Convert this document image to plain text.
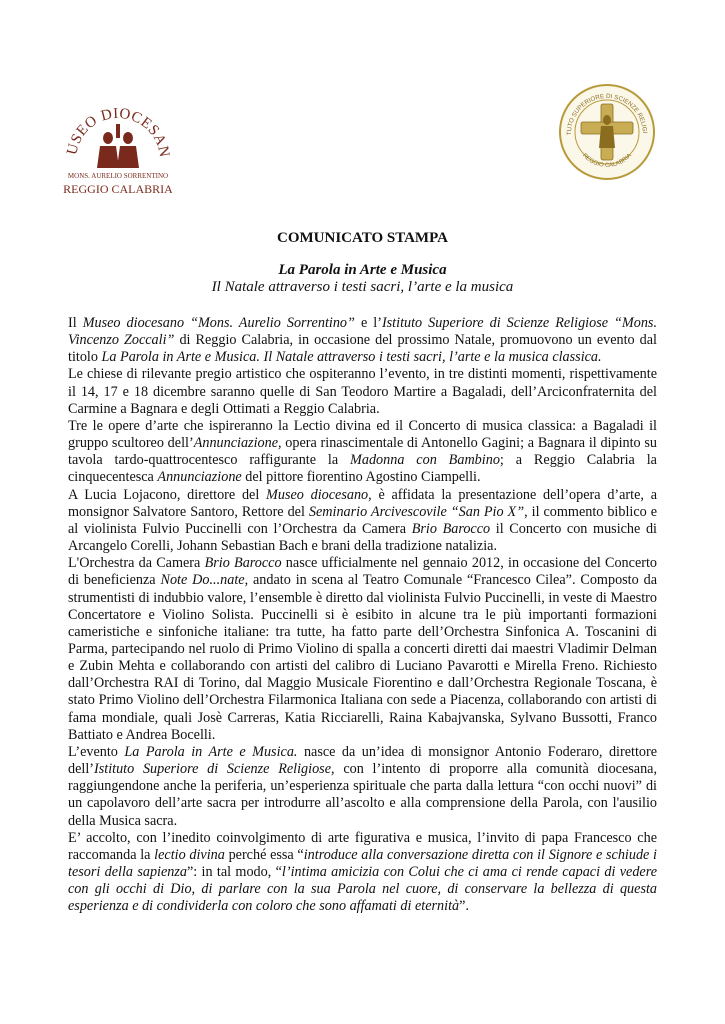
USEO DIOCESAN
MONS. AURELIO SORRENTINO
REGGIO CALABRIA
TUTO SUPERIORE DI SCIENZE RELIGI
REGGIO CALABRIA
COMUNICATO STAMPA
La Parola in Arte e Musica
Il Natale attraverso i testi sacri, l’arte e la musica

Il Museo diocesano “Mons. Aurelio Sorrentino” e l’Istituto Superiore di Scienze Religiose “Mons. Vincenzo Zoccali” di Reggio Calabria, in occasione del prossimo Natale, promuovono un evento dal titolo La Parola in Arte e Musica. Il Natale attraverso i testi sacri, l’arte e la musica classica.

Le chiese di rilevante pregio artistico che ospiteranno l’evento, in tre distinti momenti, rispettivamente il 14, 17 e 18 dicembre saranno quelle di San Teodoro Martire a Bagaladi, dell’Arciconfraternita del Carmine a Bagnara e degli Ottimati a Reggio Calabria.

Tre le opere d’arte che ispireranno la Lectio divina ed il Concerto di musica classica: a Bagaladi il gruppo scultoreo dell’Annunciazione, opera rinascimentale di Antonello Gagini; a Bagnara il dipinto su tavola tardo-quattrocentesco raffigurante la Madonna con Bambino; a Reggio Calabria la cinquecentesca Annunciazione del pittore fiorentino Agostino Ciampelli.

A Lucia Lojacono, direttore del Museo diocesano, è affidata la presentazione dell’opera d’arte, a monsignor Salvatore Santoro, Rettore del Seminario Arcivescovile “San Pio X”, il commento biblico e al violinista Fulvio Puccinelli con l’Orchestra da Camera Brio Barocco il Concerto con musiche di Arcangelo Corelli, Johann Sebastian Bach e brani della tradizione natalizia.

L'Orchestra da Camera Brio Barocco nasce ufficialmente nel gennaio 2012, in occasione del Concerto di beneficienza Note Do...nate, andato in scena al Teatro Comunale “Francesco Cilea”. Composto da strumentisti di indubbio valore, l’ensemble è diretto dal violinista Fulvio Puccinelli, in veste di Maestro Concertatore e Violino Solista. Puccinelli si è esibito in alcune tra le più importanti formazioni cameristiche e sinfoniche italiane: tra tutte, ha fatto parte dell’Orchestra Sinfonica A. Toscanini di Parma, partecipando nel ruolo di Primo Violino di spalla a concerti diretti dai maestri Vladimir Delman e Zubin Mehta e collaborando con artisti del calibro di Luciano Pavarotti e Mirella Freno. Richiesto dall’Orchestra RAI di Torino, dal Maggio Musicale Fiorentino e dall’Orchestra Regionale Toscana, è stato Primo Violino dell’Orchestra Filarmonica Italiana con sede a Piacenza, collaborando con artisti di fama mondiale, quali Josè Carreras, Katia Ricciarelli, Raina Kabajvanska, Sylvano Bussotti, Franco Battiato e Andrea Bocelli.

L’evento La Parola in Arte e Musica. nasce da un’idea di monsignor Antonio Foderaro, direttore dell’Istituto Superiore di Scienze Religiose, con l’intento di proporre alla comunità diocesana, raggiungendone anche la periferia, un’esperienza spirituale che parta dalla lettura “con occhi nuovi” di un capolavoro dell’arte sacra per introdurre all’ascolto e alla comprensione della Parola, con l'ausilio della Musica sacra.

E’ accolto, con l’inedito coinvolgimento di arte figurativa e musica, l’invito di papa Francesco che raccomanda la lectio divina perché essa “introduce alla conversazione diretta con il Signore e schiude i tesori della sapienza”: in tal modo, “l’intima amicizia con Colui che ci ama ci rende capaci di vedere con gli occhi di Dio, di parlare con la sua Parola nel cuore, di conservare la bellezza di questa esperienza e di condividerla con coloro che sono affamati di eternità”.
